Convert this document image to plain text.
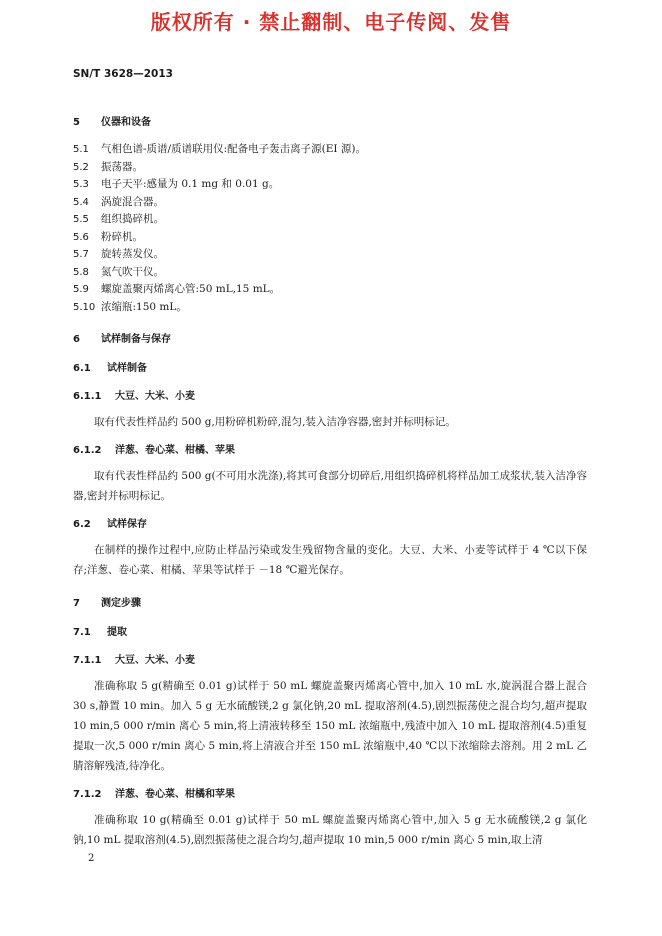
版权所有 · 禁止翻制、电子传阅、发售
SN/T 3628—2013
5 仪器和设备
5.1 气相色谱-质谱/质谱联用仪:配备电子轰击离子源(EI 源)。
5.2 振荡器。
5.3 电子天平:感量为 0.1 mg 和 0.01 g。
5.4 涡旋混合器。
5.5 组织捣碎机。
5.6 粉碎机。
5.7 旋转蒸发仪。
5.8 氮气吹干仪。
5.9 螺旋盖聚丙烯离心管:50 mL,15 mL。
5.10 浓缩瓶:150 mL。
6 试样制备与保存
6.1 试样制备
6.1.1 大豆、大米、小麦

取有代表性样品约 500 g,用粉碎机粉碎,混匀,装入洁净容器,密封并标明标记。

6.1.2 洋葱、卷心菜、柑橘、苹果

取有代表性样品约 500 g(不可用水洗涤),将其可食部分切碎后,用组织捣碎机将样品加工成浆状,装入洁净容器,密封并标明标记。

6.2 试样保存

在制样的操作过程中,应防止样品污染或发生残留物含量的变化。大豆、大米、小麦等试样于 4 ℃以下保存;洋葱、卷心菜、柑橘、苹果等试样于 －18 ℃避光保存。

7 测定步骤
7.1 提取
7.1.1 大豆、大米、小麦

准确称取 5 g(精确至 0.01 g)试样于 50 mL 螺旋盖聚丙烯离心管中,加入 10 mL 水,旋涡混合器上混合 30 s,静置 10 min。加入 5 g 无水硫酸镁,2 g 氯化钠,20 mL 提取溶剂(4.5),剧烈振荡使之混合均匀,超声提取 10 min,5 000 r/min 离心 5 min,将上清液转移至 150 mL 浓缩瓶中,残渣中加入 10 mL 提取溶剂(4.5)重复提取一次,5 000 r/min 离心 5 min,将上清液合并至 150 mL 浓缩瓶中,40 ℃以下浓缩除去溶剂。用 2 mL 乙腈溶解残渣,待净化。

7.1.2 洋葱、卷心菜、柑橘和苹果

准确称取 10 g(精确至 0.01 g)试样于 50 mL 螺旋盖聚丙烯离心管中,加入 5 g 无水硫酸镁,2 g 氯化钠,10 mL 提取溶剂(4.5),剧烈振荡使之混合均匀,超声提取 10 min,5 000 r/min 离心 5 min,取上清

2
